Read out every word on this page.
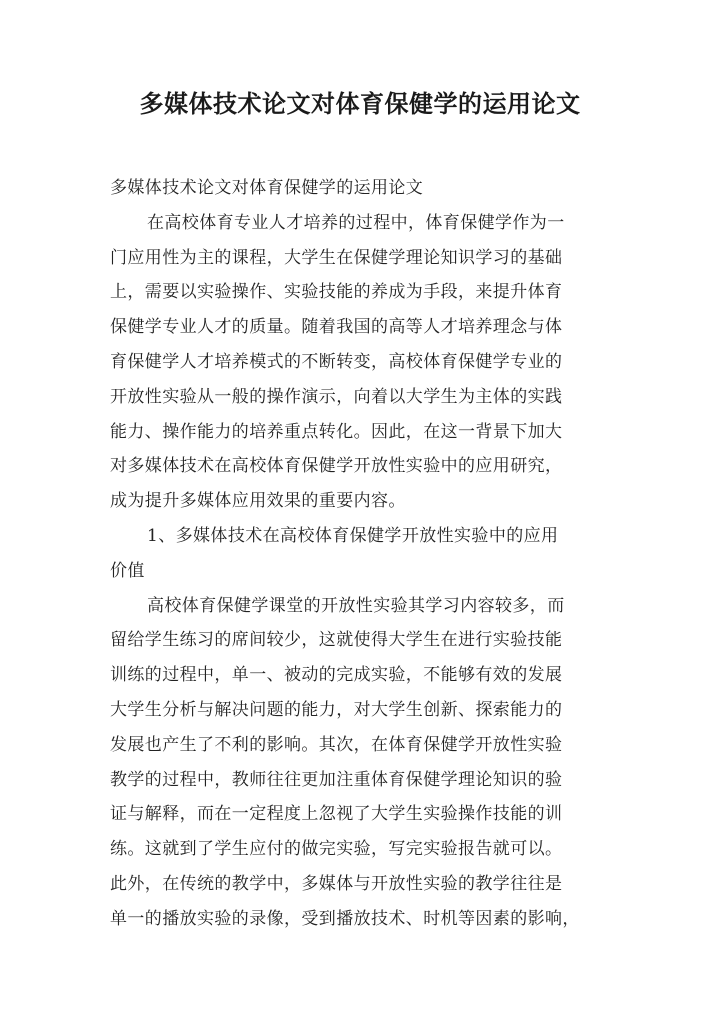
多媒体技术论文对体育保健学的运用论文
多媒体技术论文对体育保健学的运用论文
在高校体育专业人才培养的过程中，体育保健学作为一
门应用性为主的课程，大学生在保健学理论知识学习的基础
上，需要以实验操作、实验技能的养成为手段，来提升体育
保健学专业人才的质量。随着我国的高等人才培养理念与体
育保健学人才培养模式的不断转变，高校体育保健学专业的
开放性实验从一般的操作演示，向着以大学生为主体的实践
能力、操作能力的培养重点转化。因此，在这一背景下加大
对多媒体技术在高校体育保健学开放性实验中的应用研究，
成为提升多媒体应用效果的重要内容。
1、多媒体技术在高校体育保健学开放性实验中的应用
价值
高校体育保健学课堂的开放性实验其学习内容较多，而
留给学生练习的席间较少，这就使得大学生在进行实验技能
训练的过程中，单一、被动的完成实验，不能够有效的发展
大学生分析与解决问题的能力，对大学生创新、探索能力的
发展也产生了不利的影响。其次，在体育保健学开放性实验
教学的过程中，教师往往更加注重体育保健学理论知识的验
证与解释，而在一定程度上忽视了大学生实验操作技能的训
练。这就到了学生应付的做完实验，写完实验报告就可以。
此外，在传统的教学中，多媒体与开放性实验的教学往往是
单一的播放实验的录像，受到播放技术、时机等因素的影响，
